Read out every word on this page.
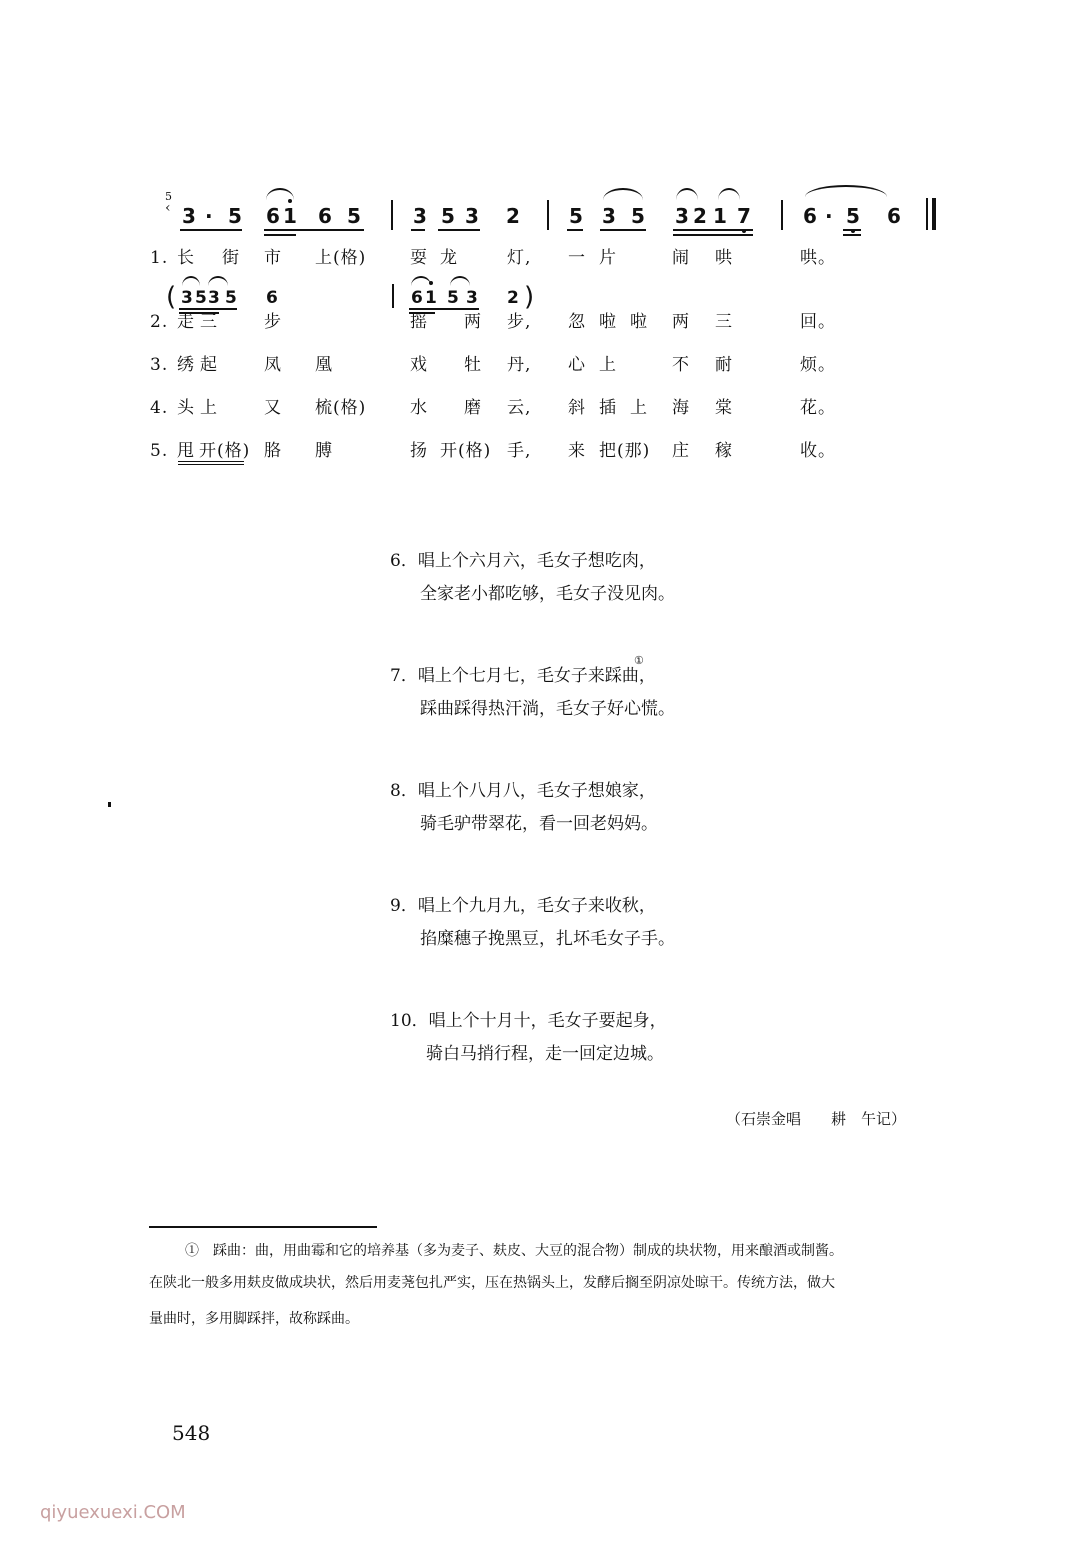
5
‹ 3 · 5 6 1 6 5	3 5 3 2 5 3 5 3 2 1 7	6 · 5 6
( 3 5 3 5 6	6 1 5 3 2 )
1. 长 街 市 上(格)	耍 龙	灯, 一 片	闹 哄	哄。
2. 走 三	步	摇 两 步, 忽 啦 啦 两 三	回。
3. 绣 起	凤 凰	戏 牡 丹, 心 上	不 耐	烦。
4. 头 上	又 梳(格)	水 磨 云, 斜 插 上 海 棠	花。
5. 甩 开(格) 胳 膊	扬 开(格) 手, 来 把(那) 庄 稼	收。
6．唱上个六月六，毛女子想吃肉，
全家老小都吃够，毛女子没见肉。
7．唱上个七月七，毛女子来踩曲，
①
踩曲踩得热汗淌，毛女子好心慌。
8．唱上个八月八，毛女子想娘家，
骑毛驴带翠花，看一回老妈妈。
9．唱上个九月九，毛女子来收秋，
掐糜穗子挽黑豆，扎坏毛女子手。
10．唱上个十月十，毛女子要起身，
骑白马捎行程，走一回定边城。
（石崇金唱　　耕　午记）
①　踩曲：曲，用曲霉和它的培养基（多为麦子、麸皮、大豆的混合物）制成的块状物，用来酿酒或制酱。
在陕北一般多用麸皮做成块状，然后用麦荛包扎严实，压在热锅头上，发酵后搁至阴凉处晾干。传统方法，做大
量曲时，多用脚踩拌，故称踩曲。
548
qiyuexuexi.COM
